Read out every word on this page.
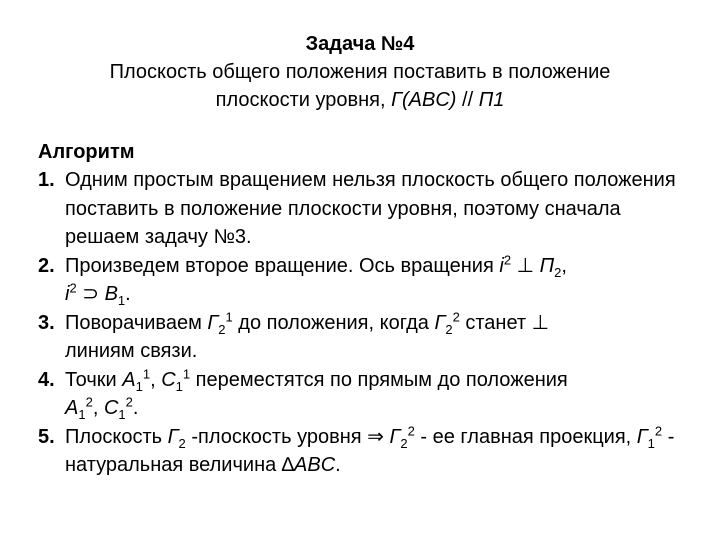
Задача №4
Плоскость общего положения поставить в положение
плоскости уровня, Г(ABC) // П1
Алгоритм
1. Одним простым вращением нельзя плоскость общего положения поставить в положение плоскости уровня, поэтому сначала решаем задачу №3.
2. Произведем второе вращение. Ось вращения $i^2$ ⊥ $П_2$,
$i^2$ ⊃ $B_1$.
3. Поворачиваем $Г_2^1$ до положения, когда $Г_2^2$ станет ⊥
линиям связи.
4. Точки $A_1^1$, $C_1^1$ переместятся по прямым до положения
$A_1^2$, $C_1^2$.
5. Плоскость $Г_2$ -плоскость уровня ⇒ $Г_2^2$ - ее главная проекция, $Г_1^2$ - натуральная величина ∆ABC.
